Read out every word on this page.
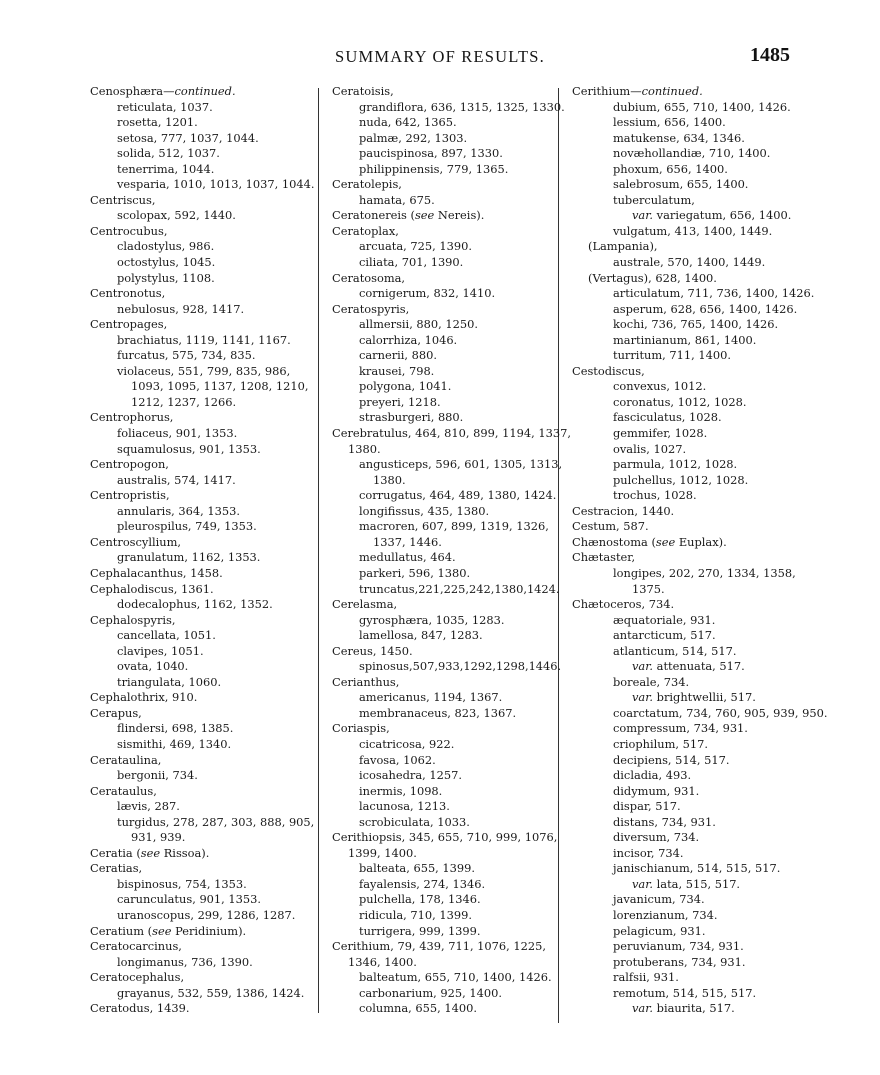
SUMMARY OF RESULTS.	1485
Cenosphæra—continued.
reticulata, 1037.
rosetta, 1201.
setosa, 777, 1037, 1044.
solida, 512, 1037.
tenerrima, 1044.
vesparia, 1010, 1013, 1037, 1044.
Centriscus,
scolopax, 592, 1440.
Centrocubus,
cladostylus, 986.
octostylus, 1045.
polystylus, 1108.
Centronotus,
nebulosus, 928, 1417.
Centropages,
brachiatus, 1119, 1141, 1167.
furcatus, 575, 734, 835.
violaceus, 551, 799, 835, 986,
1093, 1095, 1137, 1208, 1210,
1212, 1237, 1266.
Centrophorus,
foliaceus, 901, 1353.
squamulosus, 901, 1353.
Centropogon,
australis, 574, 1417.
Centropristis,
annularis, 364, 1353.
pleurospilus, 749, 1353.
Centroscyllium,
granulatum, 1162, 1353.
Cephalacanthus, 1458.
Cephalodiscus, 1361.
dodecalophus, 1162, 1352.
Cephalospyris,
cancellata, 1051.
clavipes, 1051.
ovata, 1040.
triangulata, 1060.
Cephalothrix, 910.
Cerapus,
flindersi, 698, 1385.
sismithi, 469, 1340.
Cerataulina,
bergonii, 734.
Cerataulus,
lævis, 287.
turgidus, 278, 287, 303, 888, 905,
931, 939.
Ceratia (see Rissoa).
Ceratias,
bispinosus, 754, 1353.
carunculatus, 901, 1353.
uranoscopus, 299, 1286, 1287.
Ceratium (see Peridinium).
Ceratocarcinus,
longimanus, 736, 1390.
Ceratocephalus,
grayanus, 532, 559, 1386, 1424.
Ceratodus, 1439.
Ceratoisis,
grandiflora, 636, 1315, 1325, 1330.
nuda, 642, 1365.
palmæ, 292, 1303.
paucispinosa, 897, 1330.
philippinensis, 779, 1365.
Ceratolepis,
hamata, 675.
Ceratonereis (see Nereis).
Ceratoplax,
arcuata, 725, 1390.
ciliata, 701, 1390.
Ceratosoma,
cornigerum, 832, 1410.
Ceratospyris,
allmersii, 880, 1250.
calorrhiza, 1046.
carnerii, 880.
krausei, 798.
polygona, 1041.
preyeri, 1218.
strasburgeri, 880.
Cerebratulus, 464, 810, 899, 1194, 1337,
1380.
angusticeps, 596, 601, 1305, 1313,
1380.
corrugatus, 464, 489, 1380, 1424.
longifissus, 435, 1380.
macroren, 607, 899, 1319, 1326,
1337, 1446.
medullatus, 464.
parkeri, 596, 1380.
truncatus,221,225,242,1380,1424.
Cerelasma,
gyrosphæra, 1035, 1283.
lamellosa, 847, 1283.
Cereus, 1450.
spinosus,507,933,1292,1298,1446.
Cerianthus,
americanus, 1194, 1367.
membranaceus, 823, 1367.
Coriaspis,
cicatricosa, 922.
favosa, 1062.
icosahedra, 1257.
inermis, 1098.
lacunosa, 1213.
scrobiculata, 1033.
Cerithiopsis, 345, 655, 710, 999, 1076,
1399, 1400.
balteata, 655, 1399.
fayalensis, 274, 1346.
pulchella, 178, 1346.
ridicula, 710, 1399.
turrigera, 999, 1399.
Cerithium, 79, 439, 711, 1076, 1225,
1346, 1400.
balteatum, 655, 710, 1400, 1426.
carbonarium, 925, 1400.
columna, 655, 1400.
Cerithium—continued.
dubium, 655, 710, 1400, 1426.
lessium, 656, 1400.
matukense, 634, 1346.
novæhollandiæ, 710, 1400.
phoxum, 656, 1400.
salebrosum, 655, 1400.
tuberculatum,
var. variegatum, 656, 1400.
vulgatum, 413, 1400, 1449.
(Lampania),
australe, 570, 1400, 1449.
(Vertagus), 628, 1400.
articulatum, 711, 736, 1400, 1426.
asperum, 628, 656, 1400, 1426.
kochi, 736, 765, 1400, 1426.
martinianum, 861, 1400.
turritum, 711, 1400.
Cestodiscus,
convexus, 1012.
coronatus, 1012, 1028.
fasciculatus, 1028.
gemmifer, 1028.
ovalis, 1027.
parmula, 1012, 1028.
pulchellus, 1012, 1028.
trochus, 1028.
Cestracion, 1440.
Cestum, 587.
Chænostoma (see Euplax).
Chætaster,
longipes, 202, 270, 1334, 1358,
1375.
Chætoceros, 734.
æquatoriale, 931.
antarcticum, 517.
atlanticum, 514, 517.
var. attenuata, 517.
boreale, 734.
var. brightwellii, 517.
coarctatum, 734, 760, 905, 939, 950.
compressum, 734, 931.
criophilum, 517.
decipiens, 514, 517.
dicladia, 493.
didymum, 931.
dispar, 517.
distans, 734, 931.
diversum, 734.
incisor, 734.
janischianum, 514, 515, 517.
var. lata, 515, 517.
javanicum, 734.
lorenzianum, 734.
pelagicum, 931.
peruvianum, 734, 931.
protuberans, 734, 931.
ralfsii, 931.
remotum, 514, 515, 517.
var. biaurita, 517.
